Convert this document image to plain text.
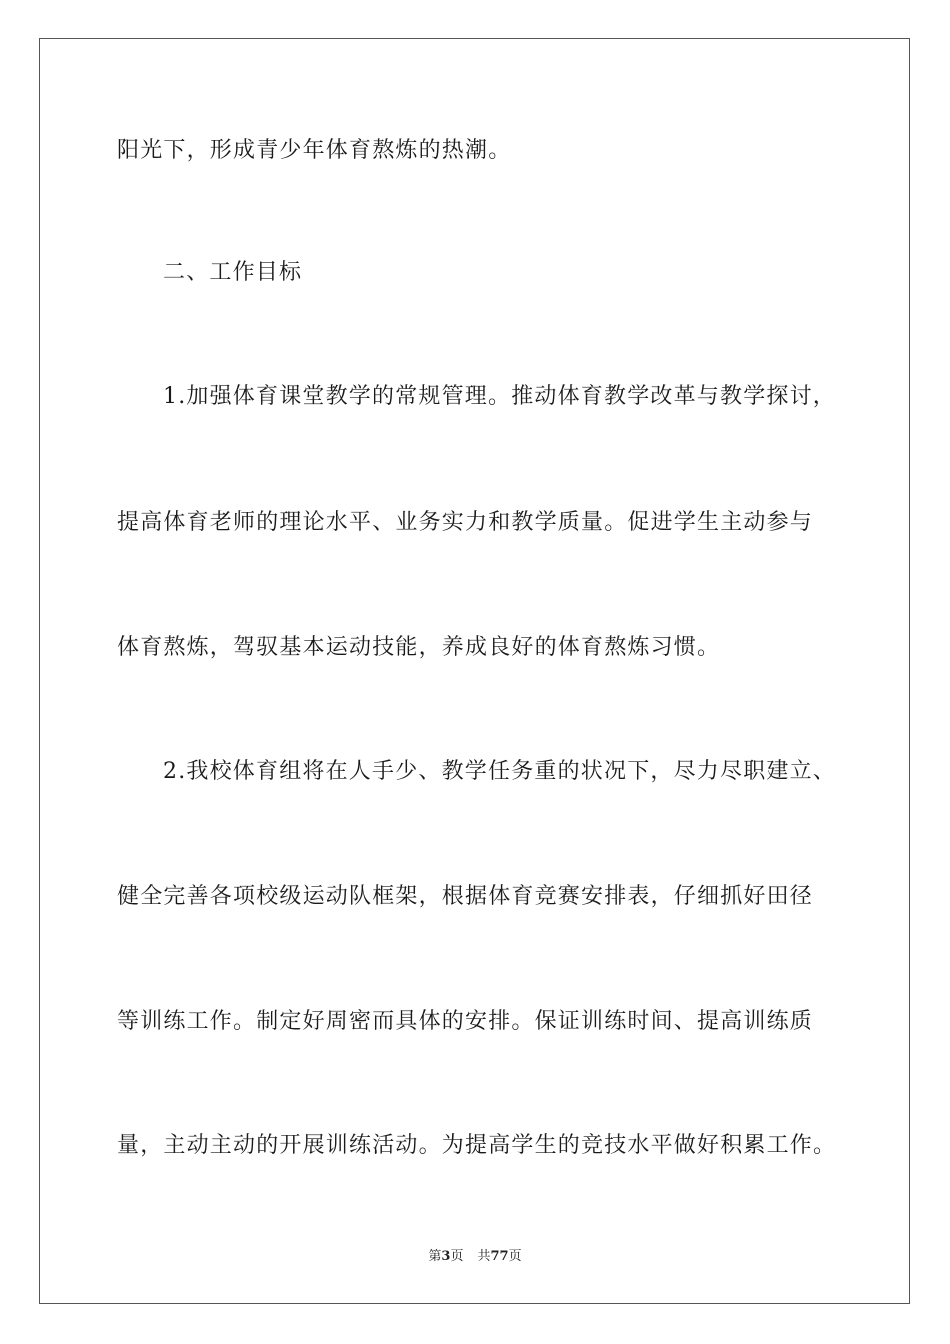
阳光下，形成青少年体育熬炼的热潮。
二、工作目标
1.加强体育课堂教学的常规管理。推动体育教学改革与教学探讨，
提高体育老师的理论水平、业务实力和教学质量。促进学生主动参与
体育熬炼，驾驭基本运动技能，养成良好的体育熬炼习惯。
2.我校体育组将在人手少、教学任务重的状况下，尽力尽职建立、
健全完善各项校级运动队框架，根据体育竞赛安排表，仔细抓好田径
等训练工作。制定好周密而具体的安排。保证训练时间、提高训练质
量，主动主动的开展训练活动。为提高学生的竞技水平做好积累工作。
第3页 共77页
